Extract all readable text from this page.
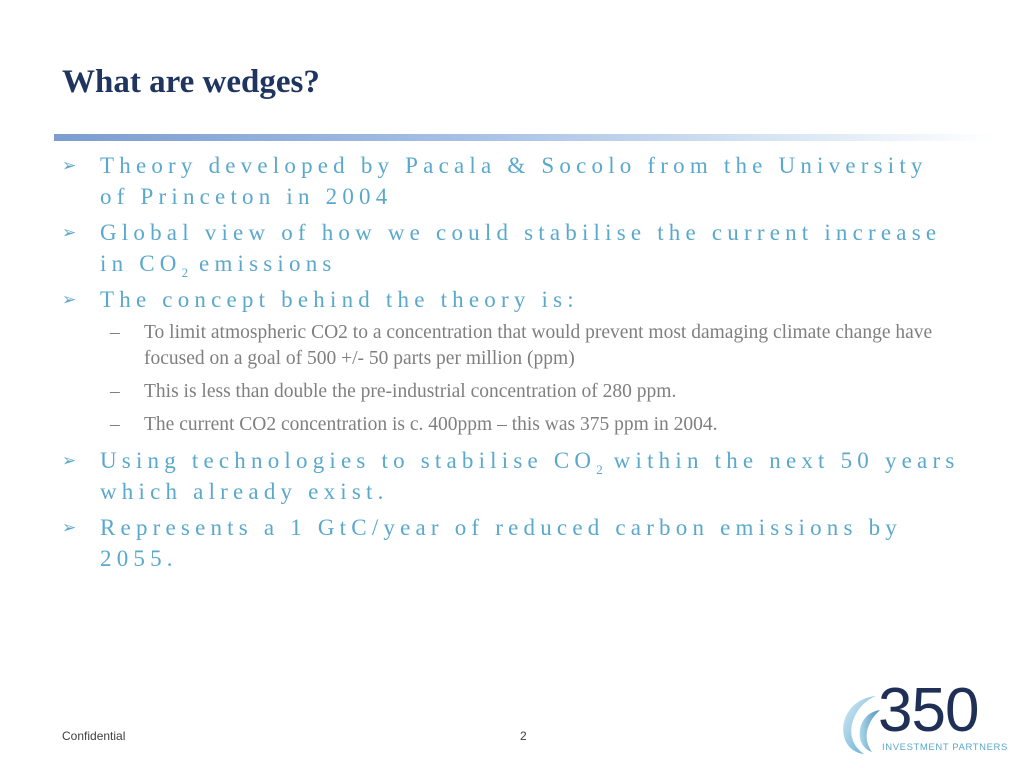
What are wedges?
➢ Theory developed by Pacala & Socolo from the University of Princeton in 2004
➢ Global view of how we could stabilise the current increase in $CO_2$ emissions
➢ The concept behind the theory is:
– To limit atmospheric CO2 to a concentration that would prevent most damaging climate change have focused on a goal of 500 +/- 50 parts per million (ppm)
– This is less than double the pre-industrial concentration of 280 ppm.
– The current CO2 concentration is c. 400ppm – this was 375 ppm in 2004.
➢ Using technologies to stabilise $CO_2$ within the next 50 years which already exist.
➢ Represents a 1 GtC/year of reduced carbon emissions by 2055.
Confidential	2	350
INVESTMENT PARTNERS
